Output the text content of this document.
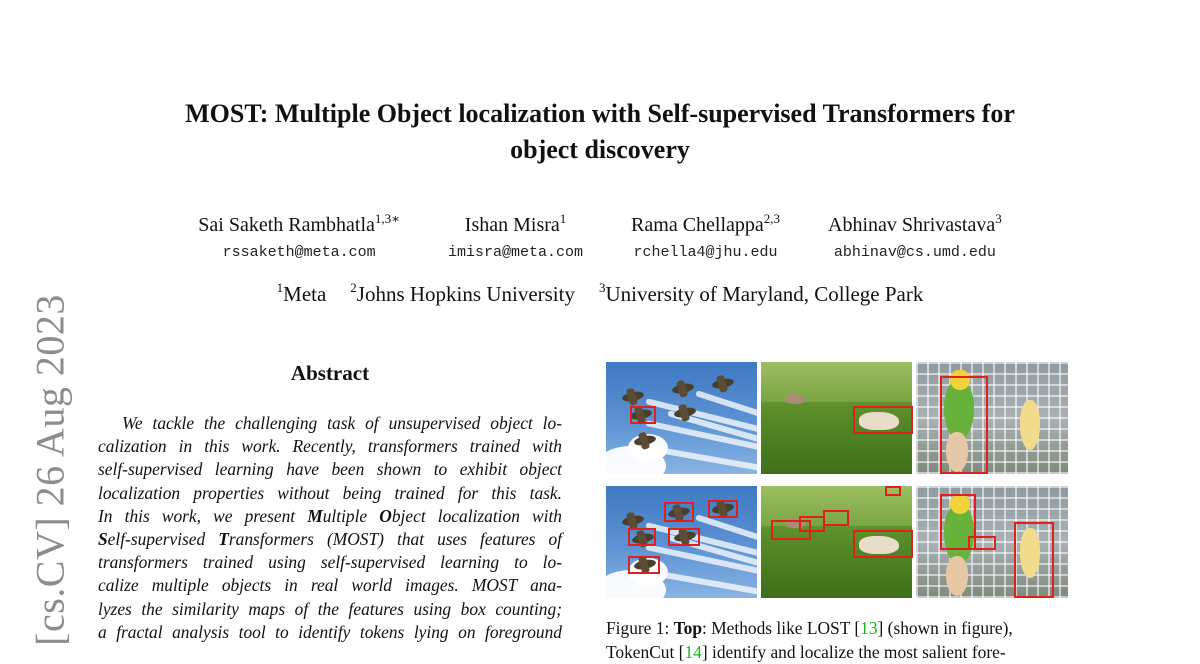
[cs.CV] 26 Aug 2023
MOST: Multiple Object localization with Self-supervised Transformers for
object discovery
Sai Saketh Rambhatla$^{1,3∗}$
rssaketh@meta.com
Ishan Misra$^1$
imisra@meta.com
Rama Chellappa$^{2,3}$
rchella4@jhu.edu
Abhinav Shrivastava$^3$
abhinav@cs.umd.edu
$^1$Meta $^2$Johns Hopkins University $^3$University of Maryland, College Park
Abstract
We tackle the challenging task of unsupervised object lo-
calization in this work. Recently, transformers trained with
self-supervised learning have been shown to exhibit object
localization properties without being trained for this task.
In this work, we present Multiple Object localization with
Self-supervised Transformers (MOST) that uses features of
transformers trained using self-supervised learning to lo-
calize multiple objects in real world images. MOST ana-
lyzes the similarity maps of the features using box counting;
a fractal analysis tool to identify tokens lying on foreground	Figure 1: Top: Methods like LOST [13] (shown in figure),
TokenCut [14] identify and localize the most salient fore-
